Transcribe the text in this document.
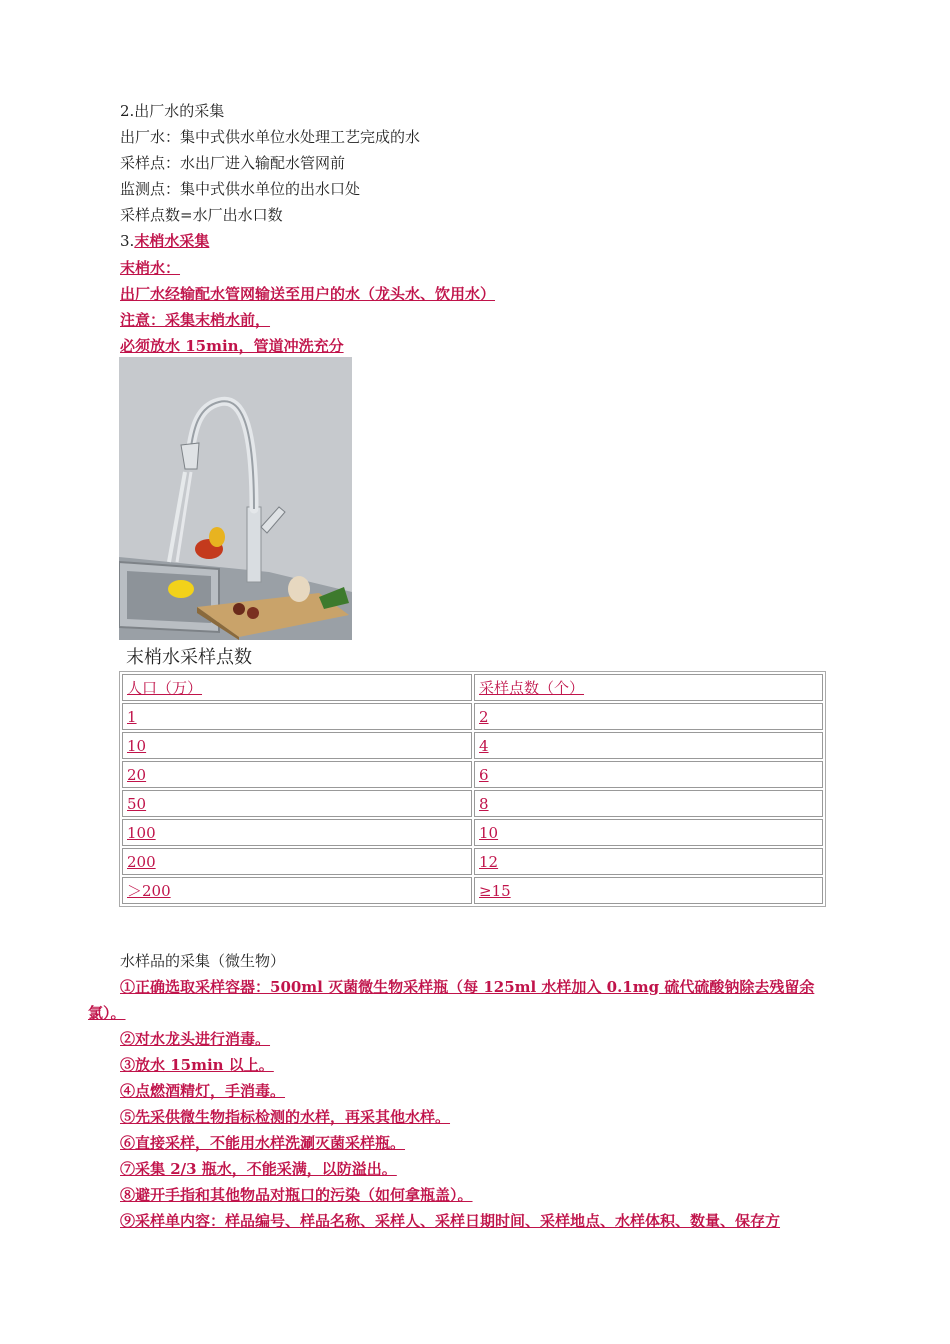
2.出厂水的采集
出厂水：集中式供水单位水处理工艺完成的水
采样点：水出厂进入输配水管网前
监测点：集中式供水单位的出水口处
采样点数=水厂出水口数
3.末梢水采集
末梢水：
出厂水经输配水管网输送至用户的水（龙头水、饮用水）
注意：采集末梢水前，
必须放水 15min，管道冲洗充分
末梢水采样点数
人口（万）	采样点数（个）
1	2
10	4
20	6
50	8
100	10
200	12
＞200	≥15
水样品的采集（微生物）
①正确选取采样容器：500ml 灭菌微生物采样瓶（每 125ml 水样加入 0.1mg 硫代硫酸钠除去残留余
氯）。
②对水龙头进行消毒。
③放水 15min 以上。
④点燃酒精灯，手消毒。
⑤先采供微生物指标检测的水样，再采其他水样。
⑥直接采样，不能用水样洗涮灭菌采样瓶。
⑦采集 2/3 瓶水，不能采满，以防溢出。
⑧避开手指和其他物品对瓶口的污染（如何拿瓶盖）。
⑨采样单内容：样品编号、样品名称、采样人、采样日期时间、采样地点、水样体积、数量、保存方
